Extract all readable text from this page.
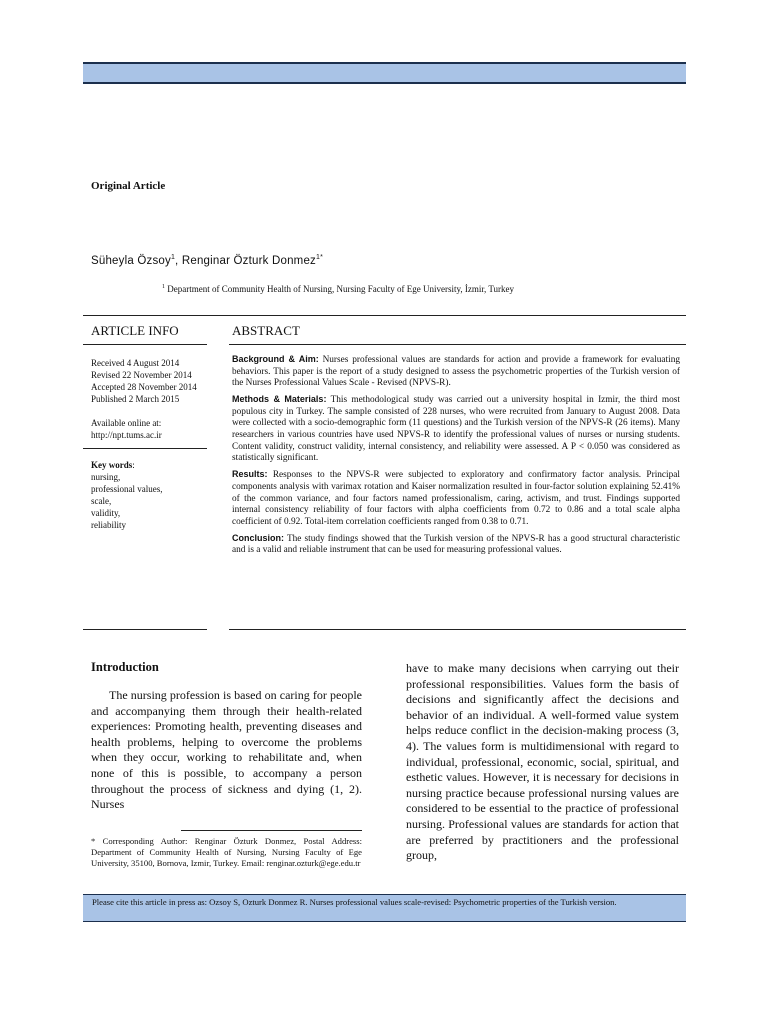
Original Article
Süheyla Özsoy$^1$, Renginar Özturk Donmez$^{1*}$
$^1$ Department of Community Health of Nursing, Nursing Faculty of Ege University, İzmir, Turkey
ARTICLE INFO	ABSTRACT
Received 4 August 2014
Revised 22 November 2014
Accepted 28 November 2014
Published 2 March 2015
Available online at:
http://npt.tums.ac.ir
Key words:
nursing,
professional values,
scale,
validity,
reliability

Background & Aim: Nurses professional values are standards for action and provide a framework for evaluating behaviors. This paper is the report of a study designed to assess the psychometric properties of the Turkish version of the Nurses Professional Values Scale - Revised (NPVS-R).

Methods & Materials: This methodological study was carried out a university hospital in Izmir, the third most populous city in Turkey. The sample consisted of 228 nurses, who were recruited from January to August 2008. Data were collected with a socio-demographic form (11 questions) and the Turkish version of the NPVS-R (26 items). Many researchers in various countries have used NPVS-R to identify the professional values of nurses or nursing students. Content validity, construct validity, internal consistency, and reliability were assessed. A P < 0.050 was considered as statistically significant.

Results: Responses to the NPVS-R were subjected to exploratory and confirmatory factor analysis. Principal components analysis with varimax rotation and Kaiser normalization resulted in four-factor solution explaining 52.41% of the common variance, and four factors named professionalism, caring, activism, and trust. Findings supported internal consistency reliability of four factors with alpha coefficients from 0.72 to 0.86 and a total scale alpha coefficient of 0.92. Total-item correlation coefficients ranged from 0.38 to 0.71.

Conclusion: The study findings showed that the Turkish version of the NPVS-R has a good structural characteristic and is a valid and reliable instrument that can be used for measuring professional values.

Introduction

The nursing profession is based on caring for people and accompanying them through their health-related experiences: Promoting health, preventing diseases and health problems, helping to overcome the problems when they occur, working to rehabilitate and, when none of this is possible, to accompany a person throughout the process of sickness and dying (1, 2). Nurses

have to make many decisions when carrying out their professional responsibilities. Values form the basis of decisions and significantly affect the decisions and behavior of an individual. A well-formed value system helps reduce conflict in the decision-making process (3, 4). The values form is multidimensional with regard to individual, professional, economic, social, spiritual, and esthetic values. However, it is necessary for decisions in nursing practice because professional nursing values are considered to be essential to the practice of professional nursing. Professional values are standards for action that are preferred by practitioners and the professional group,

* Corresponding Author: Renginar Özturk Donmez, Postal Address: Department of Community Health of Nursing, Nursing Faculty of Ege University, 35100, Bornova, Izmir, Turkey. Email: renginar.ozturk@ege.edu.tr
Please cite this article in press as: Ozsoy S, Ozturk Donmez R. Nurses professional values scale-revised: Psychometric properties of the Turkish version.
